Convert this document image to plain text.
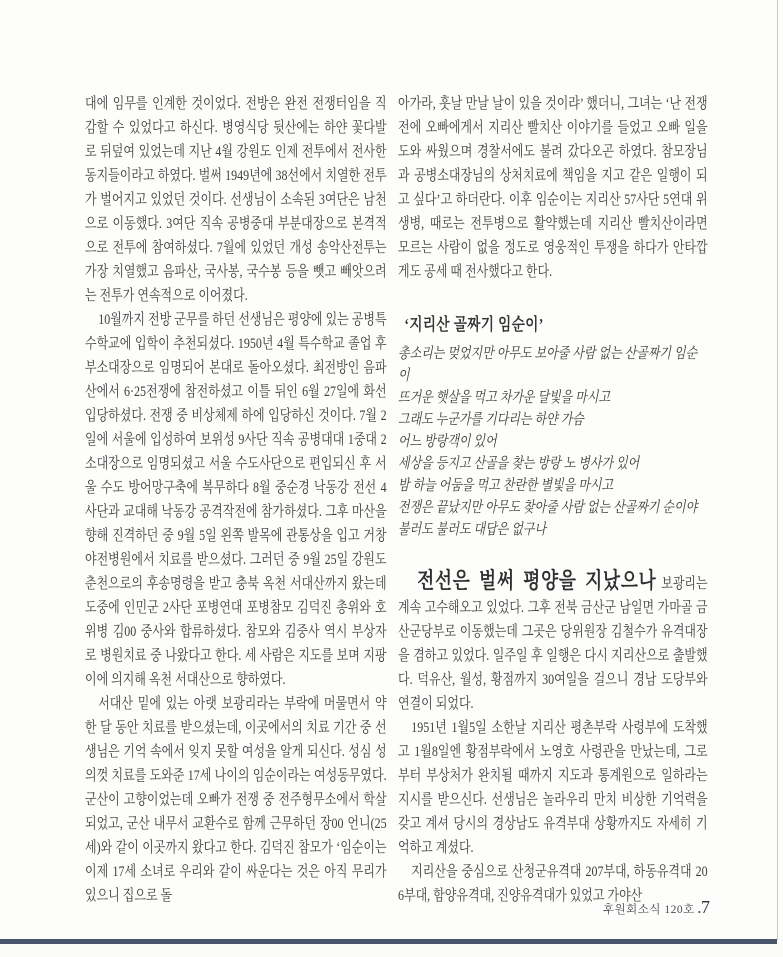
대에 임무를 인계한 것이었다. 전방은 완전 전쟁터임을 직감할 수 있었다고 하신다. 병영식당 뒷산에는 하얀 꽃다발로 뒤덮여 있었는데 지난 4월 강원도 인제 전투에서 전사한 동지들이라고 하였다. 벌써 1949년에 38선에서 치열한 전투가 벌어지고 있었던 것이다. 선생님이 소속된 3여단은 남천으로 이동했다. 3여단 직속 공병중대 부분대장으로 본격적으로 전투에 참여하셨다. 7월에 있었던 개성 송악산전투는 가장 치열했고 음파산, 국사봉, 국수봉 등을 뺏고 빼앗으려는 전투가 연속적으로 이어졌다.

10월까지 전방 군무를 하던 선생님은 평양에 있는 공병특수학교에 입학이 추천되셨다. 1950년 4월 특수학교 졸업 후 부소대장으로 임명되어 본대로 돌아오셨다. 최전방인 음파산에서 6·25전쟁에 참전하셨고 이틀 뒤인 6월 27일에 화선 입당하셨다. 전쟁 중 비상체제 하에 입당하신 것이다. 7월 2일에 서울에 입성하여 보위성 9사단 직속 공병대대 1중대 2소대장으로 임명되셨고 서울 수도사단으로 편입되신 후 서울 수도 방어망구축에 복무하다 8월 중순경 낙동강 전선 4사단과 교대해 낙동강 공격작전에 참가하셨다. 그후 마산을 향해 진격하던 중 9월 5일 왼쪽 발목에 관통상을 입고 거창 야전병원에서 치료를 받으셨다. 그러던 중 9월 25일 강원도 춘천으로의 후송명령을 받고 충북 옥천 서대산까지 왔는데 도중에 인민군 2사단 포병연대 포병참모 김덕진 총위와 호위병 김00 중사와 합류하셨다. 참모와 김중사 역시 부상자로 병원치료 중 나왔다고 한다. 세 사람은 지도를 보며 지팡이에 의지해 옥천 서대산으로 향하였다.

서대산 밑에 있는 아랫 보광리라는 부락에 머물면서 약 한 달 동안 치료를 받으셨는데, 이곳에서의 치료 기간 중 선생님은 기억 속에서 잊지 못할 여성을 알게 되신다. 성심 성의껏 치료를 도와준 17세 나이의 임순이라는 여성동무였다. 군산이 고향이었는데 오빠가 전쟁 중 전주형무소에서 학살되었고, 군산 내무서 교환수로 함께 근무하던 장00 언니(25세)와 같이 이곳까지 왔다고 한다. 김덕진 참모가 ‘임순이는 이제 17세 소녀로 우리와 같이 싸운다는 것은 아직 무리가 있으니 집으로 돌

아가라, 훗날 만날 날이 있을 것이랴’ 했더니, 그녀는 ‘난 전쟁 전에 오빠에게서 지리산 빨치산 이야기를 들었고 오빠 일을 도와 싸웠으며 경찰서에도 불려 갔다오곤 하였다. 참모장님과 공병소대장님의 상처치료에 책임을 지고 같은 일행이 되고 싶다’고 하더란다. 이후 임순이는 지리산 57사단 5연대 위생병, 때로는 전투병으로 활약했는데 지리산 빨치산이라면 모르는 사람이 없을 정도로 영웅적인 투쟁을 하다가 안타깝게도 공세 때 전사했다고 한다.

‘지리산 골짜기 임순이’

총소리는 멎었지만 아무도 보아줄 사람 없는 산골짜기 임순이

뜨거운 햇살을 먹고 차가운 달빛을 마시고

그래도 누군가를 기다리는 하얀 가슴

어느 방랑객이 있어

세상을 등지고 산골을 찾는 방랑 노 병사가 있어

밤 하늘 어둠을 먹고 찬란한 별빛을 마시고

전쟁은 끝났지만 아무도 찾아줄 사람 없는 산골짜기 순이야

불러도 불러도 대답은 없구나

전선은 벌써 평양을 지났으나 보광리는 계속 고수해오고 있었다. 그후 전북 금산군 남일면 가마골 금산군당부로 이동했는데 그곳은 당위원장 김철수가 유격대장을 겸하고 있었다. 일주일 후 일행은 다시 지리산으로 출발했다. 덕유산, 월성, 황점까지 30여일을 걸으니 경남 도당부와 연결이 되었다.

1951년 1월5일 소한날 지리산 평촌부락 사령부에 도착했고 1월8일엔 황점부락에서 노영호 사령관을 만났는데, 그로부터 부상처가 완치될 때까지 지도과 통계원으로 일하라는 지시를 받으신다. 선생님은 놀라우리 만치 비상한 기억력을 갖고 계셔 당시의 경상남도 유격부대 상황까지도 자세히 기억하고 계셨다.

지리산을 중심으로 산청군유격대 207부대, 하동유격대 206부대, 함양유격대, 진양유격대가 있었고 가야산

후원회소식 120호 .7
